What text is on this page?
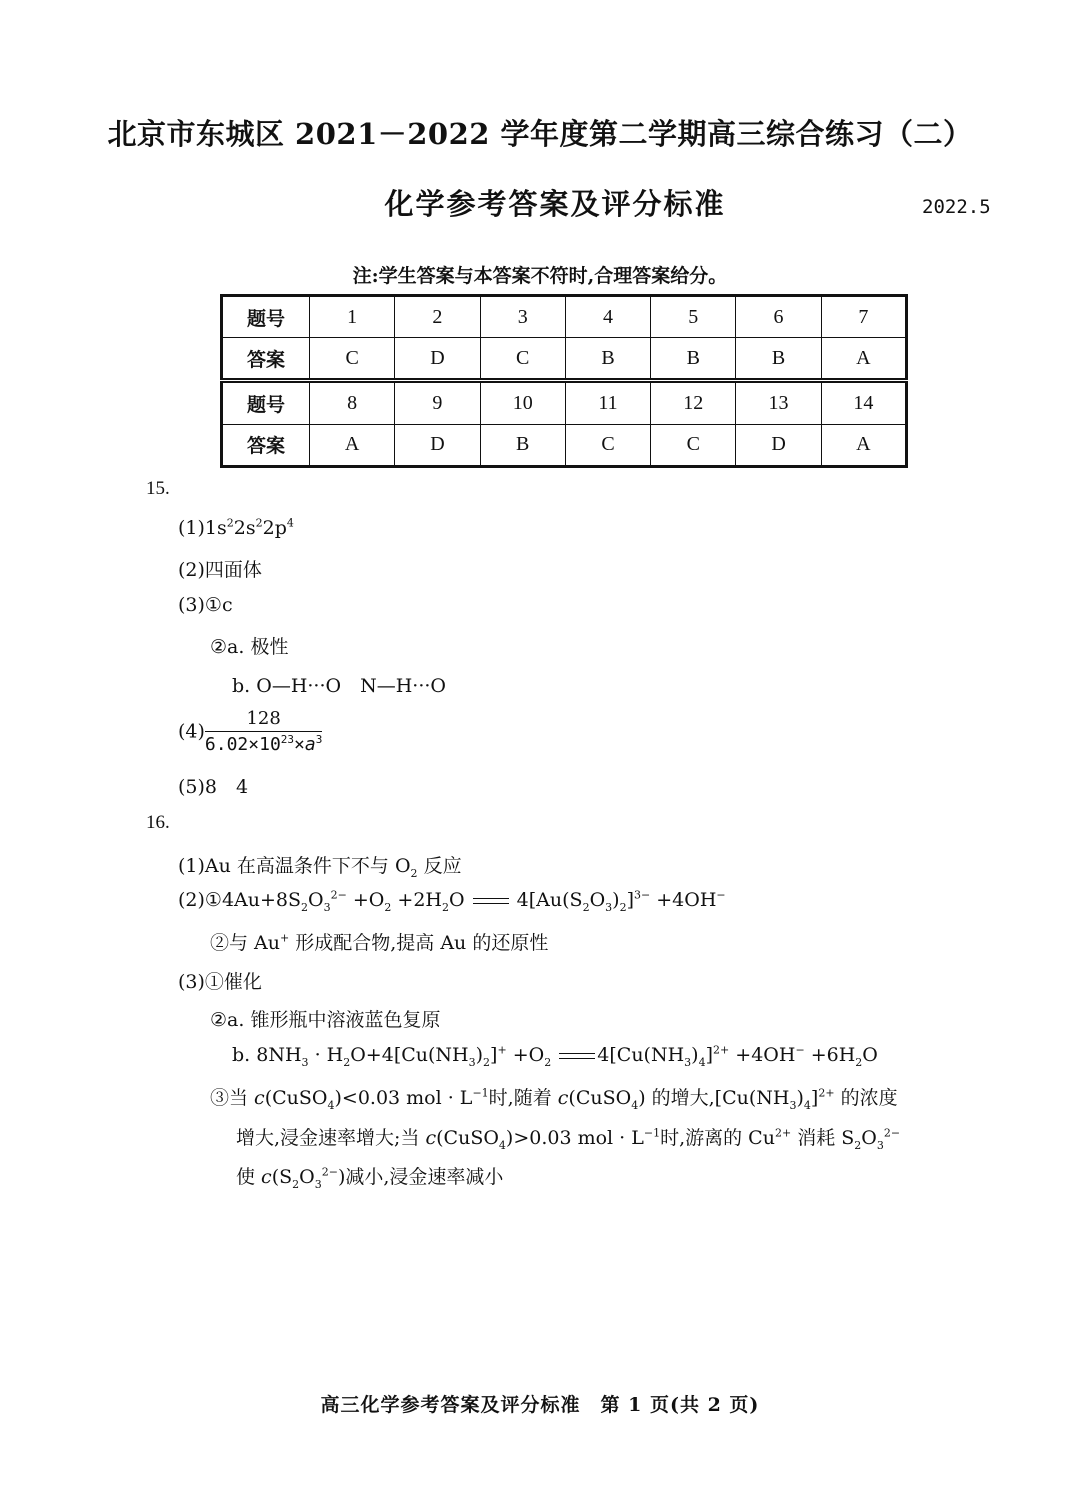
北京市东城区 2021－2022 学年度第二学期高三综合练习（二）
化学参考答案及评分标准	2022.5
注:学生答案与本答案不符时,合理答案给分。
题号	1	2	3	4	5	6	7
答案	C	D	C	B	B	B	A
题号	8	9	10	11	12	13	14
答案	A	D	B	C	C	D	A
15.
$(1)1s^22s^22p^4$
(2)四面体
(3)①c
②a. 极性
b. O—H···O　N—H···O
$(4) \frac{128}{6.02\times 10^{23}\times a^3}$
(5)8　4
16.
(1)Au 在高温条件下不与 $O_2$ 反应
$(2)①4Au+8S_2O_3^{2-} +O_2 +2H_2O$  $4[Au(S_2O_3)_2]^{3-} +4OH^-$
②与 Au+ 形成配合物,提高 Au 的还原性
(3)①催化
②a. 锥形瓶中溶液蓝色复原
b. $8NH_3 \cdot H_2O+4[Cu(NH_3)_2]^+ +O_2$ $4[Cu(NH_3)_4]^{2+} +4OH^- +6H_2O$
③当 c(CuSO$_4$)<0.03 mol · $L^{-1}$时,随着 c(CuSO$_4$) 的增大$,[Cu(NH_3)_4]^{2+}$ 的浓度
增大,浸金速率增大;当 c(CuSO$_4$)>0.03 mol · $L^{-1}$时,游离的 $Cu^{2+}$ 消耗 $S_2O_3^{2-}$
使 $c(S_2O_3^{2-})$减小,浸金速率减小
高三化学参考答案及评分标准　第 1 页(共 2 页)
